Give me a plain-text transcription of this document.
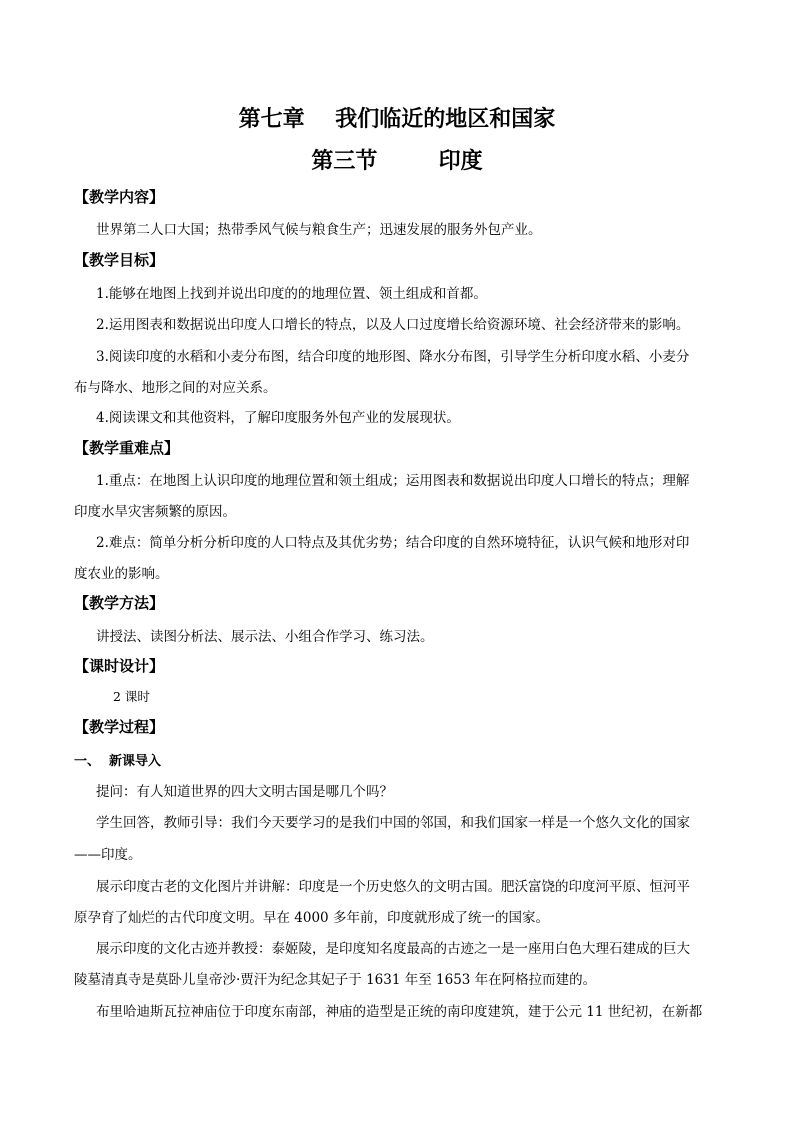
第七章    我们临近的地区和国家
第三节        印度
【教学内容】
世界第二人口大国；热带季风气候与粮食生产；迅速发展的服务外包产业。
【教学目标】
1.能够在地图上找到并说出印度的的地理位置、领土组成和首都。
2.运用图表和数据说出印度人口增长的特点，以及人口过度增长给资源环境、社会经济带来的影响。
3.阅读印度的水稻和小麦分布图，结合印度的地形图、降水分布图，引导学生分析印度水稻、小麦分
布与降水、地形之间的对应关系。
4.阅读课文和其他资料，了解印度服务外包产业的发展现状。
【教学重难点】
1.重点：在地图上认识印度的地理位置和领土组成；运用图表和数据说出印度人口增长的特点；理解
印度水旱灾害频繁的原因。
2.难点：简单分析分析印度的人口特点及其优劣势；结合印度的自然环境特征，认识气候和地形对印
度农业的影响。
【教学方法】
讲授法、读图分析法、展示法、小组合作学习、练习法。
【课时设计】
2 课时
【教学过程】
一、  新课导入
提问：有人知道世界的四大文明古国是哪几个吗？
学生回答，教师引导：我们今天要学习的是我们中国的邻国，和我们国家一样是一个悠久文化的国家
——印度。
展示印度古老的文化图片并讲解：印度是一个历史悠久的文明古国。肥沃富饶的印度河平原、恒河平
原孕育了灿烂的古代印度文明。早在 4000 多年前，印度就形成了统一的国家。
展示印度的文化古迹并教授：泰姬陵，是印度知名度最高的古迹之一是一座用白色大理石建成的巨大
陵墓清真寺是莫卧儿皇帝沙·贾汗为纪念其妃子于 1631 年至 1653 年在阿格拉而建的。
布里哈迪斯瓦拉神庙位于印度东南部，神庙的造型是正统的南印度建筑，建于公元 11 世纪初，在新都
